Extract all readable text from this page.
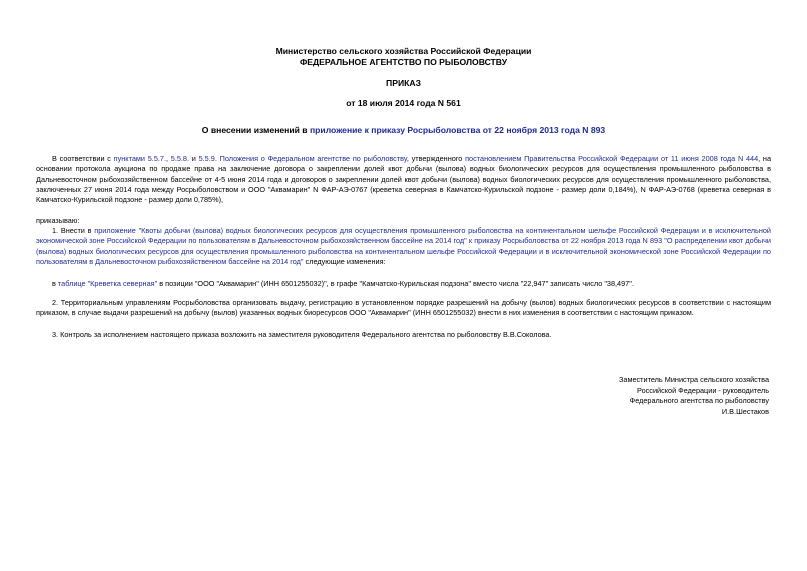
Министерство сельского хозяйства Российской Федерации
ФЕДЕРАЛЬНОЕ АГЕНТСТВО ПО РЫБОЛОВСТВУ
ПРИКАЗ
от 18 июля 2014 года N 561
О внесении изменений в приложение к приказу Росрыболовства от 22 ноября 2013 года N 893
В соответствии с пунктами 5.5.7., 5.5.8. и 5.5.9. Положения о Федеральном агентстве по рыболовству, утвержденного постановлением Правительства Российской Федерации от 11 июня 2008 года N 444, на основании протокола аукциона по продаже права на заключение договора о закреплении долей квот добычи (вылова) водных биологических ресурсов для осуществления промышленного рыболовства в Дальневосточном рыбохозяйственном бассейне от 4-5 июня 2014 года и договоров о закреплении долей квот добычи (вылова) водных биологических ресурсов для осуществления промышленного рыболовства, заключенных 27 июня 2014 года между Росрыболовством и ООО "Аквамарин" N ФАР-АЭ-0767 (креветка северная в Камчатско-Курильской подзоне - размер доли 0,184%), N ФАР-АЭ-0768 (креветка северная в Камчатско-Курильской подзоне - размер доли 0,785%),
приказываю:
1. Внести в приложение "Квоты добычи (вылова) водных биологических ресурсов для осуществления промышленного рыболовства на континентальном шельфе Российской Федерации и в исключительной экономической зоне Российской Федерации по пользователям в Дальневосточном рыбохозяйственном бассейне на 2014 год" к приказу Росрыболовства от 22 ноября 2013 года N 893 "О распределении квот добычи (вылова) водных биологических ресурсов для осуществления промышленного рыболовства на континентальном шельфе Российской Федерации и в исключительной экономической зоне Российской Федерации по пользователям в Дальневосточном рыбохозяйственном бассейне на 2014 год" следующие изменения:
в таблице "Креветка северная" в позиции "ООО "Аквамарин" (ИНН 6501255032)", в графе "Камчатско-Курильская подзона" вместо числа "22,947" записать число "38,497".
2. Территориальным управлениям Росрыболовства организовать выдачу, регистрацию в установленном порядке разрешений на добычу (вылов) водных биологических ресурсов в соответствии с настоящим приказом, в случае выдачи разрешений на добычу (вылов) указанных водных биоресурсов ООО "Аквамарин" (ИНН 6501255032) внести в них изменения в соответствии с настоящим приказом.
3. Контроль за исполнением настоящего приказа возложить на заместителя руководителя Федерального агентства по рыболовству В.В.Соколова.
Заместитель Министра сельского хозяйства
Российской Федерации - руководитель
Федерального агентства по рыболовству
И.В.Шестаков
